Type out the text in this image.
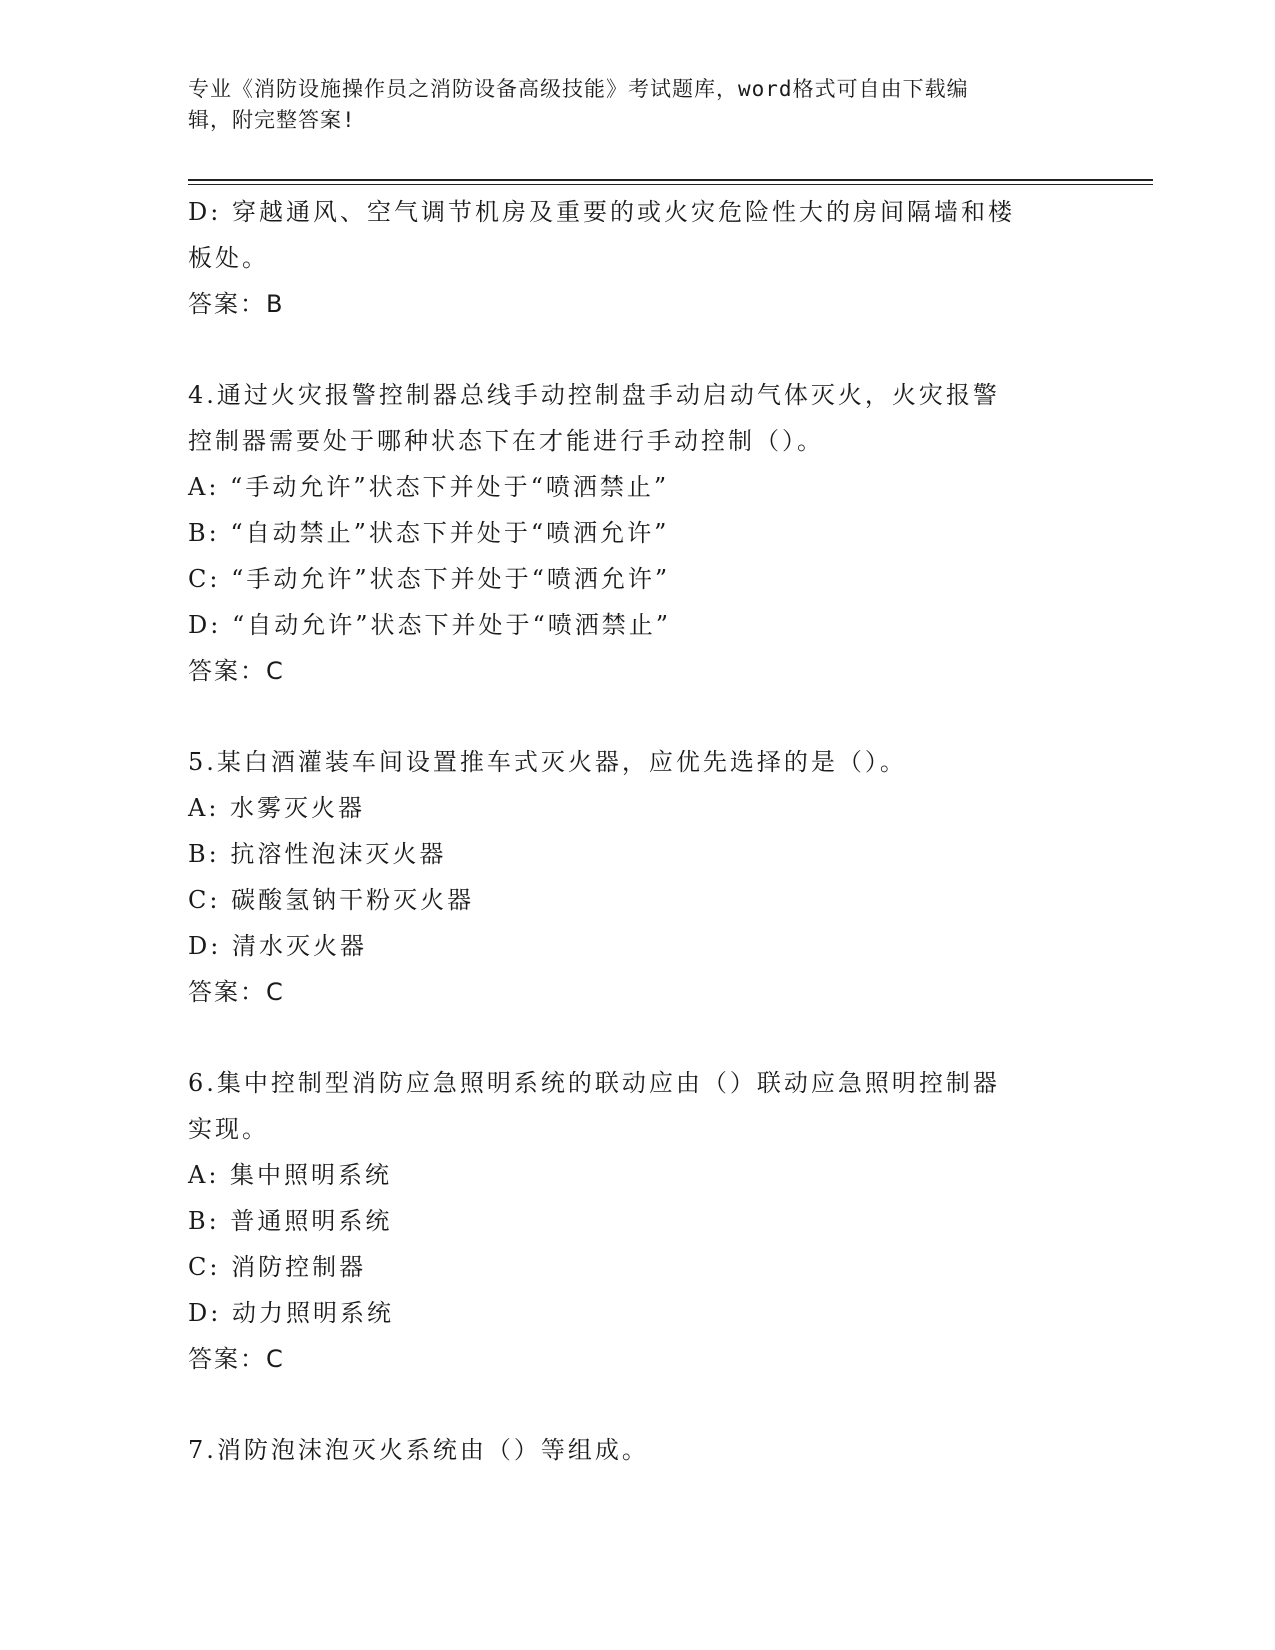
专业《消防设施操作员之消防设备高级技能》考试题库，word格式可自由下载编
辑，附完整答案!
D: 穿越通风、空气调节机房及重要的或火灾危险性大的房间隔墙和楼
板处。
答案：B
4.通过火灾报警控制器总线手动控制盘手动启动气体灭火，火灾报警
控制器需要处于哪种状态下在才能进行手动控制（）。
A: “手动允许”状态下并处于“喷洒禁止”
B: “自动禁止”状态下并处于“喷洒允许”
C: “手动允许”状态下并处于“喷洒允许”
D: “自动允许”状态下并处于“喷洒禁止”
答案：C
5.某白酒灌装车间设置推车式灭火器，应优先选择的是（）。
A: 水雾灭火器
B: 抗溶性泡沫灭火器
C: 碳酸氢钠干粉灭火器
D: 清水灭火器
答案：C
6.集中控制型消防应急照明系统的联动应由（）联动应急照明控制器
实现。
A: 集中照明系统
B: 普通照明系统
C: 消防控制器
D: 动力照明系统
答案：C
7.消防泡沫泡灭火系统由（）等组成。
